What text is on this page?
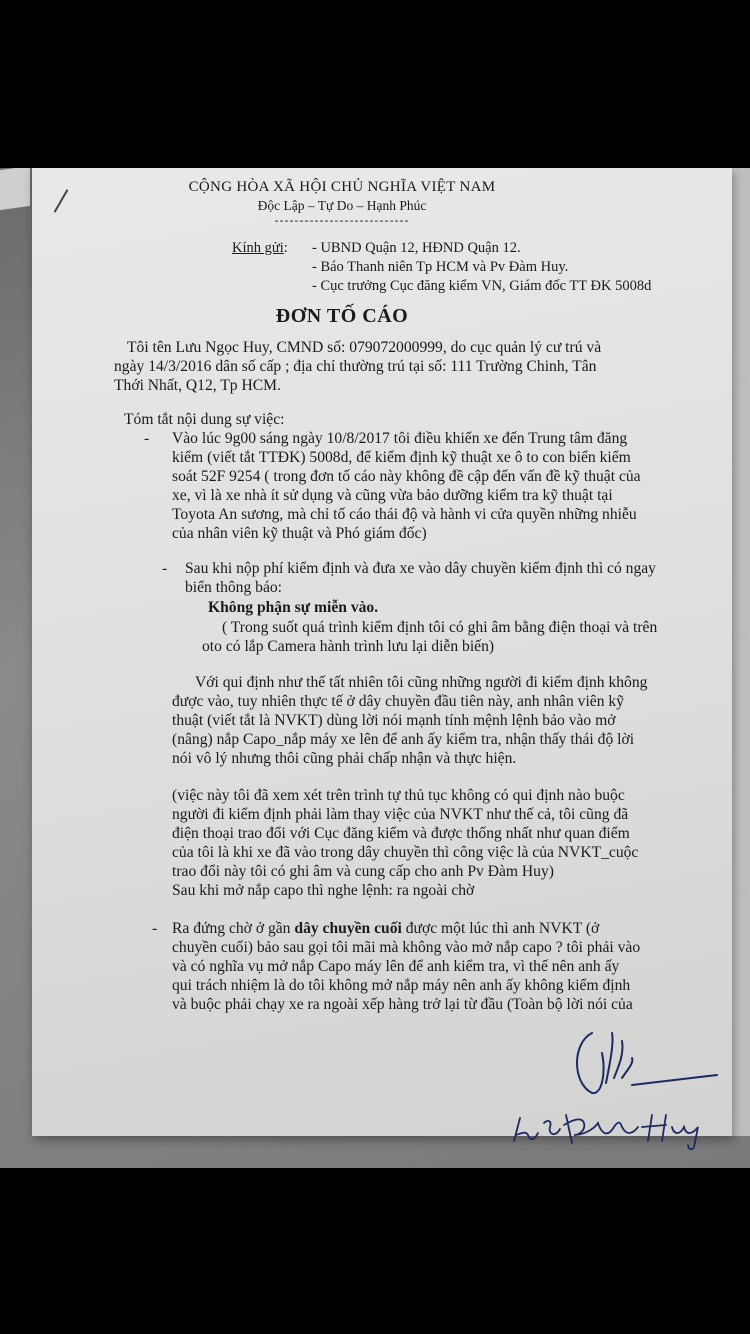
CỘNG HÒA XÃ HỘI CHỦ NGHĨA VIỆT NAM
Độc Lập – Tự Do – Hạnh Phúc
---------------------------
Kính gửi: - UBND Quận 12, HĐND Quận 12.
- Báo Thanh niên Tp HCM và Pv Đàm Huy.
- Cục trưởng Cục đăng kiểm VN, Giám đốc TT ĐK 5008d
ĐƠN TỐ CÁO
Tôi tên Lưu Ngọc Huy, CMND số: 079072000999, do cục quản lý cư trú và
ngày 14/3/2016 dân số cấp ; địa chỉ thường trú tại số: 111 Trường Chinh, Tân
Thới Nhất, Q12, Tp HCM.
Tóm tắt nội dung sự việc:
- Vào lúc 9g00 sáng ngày 10/8/2017 tôi điều khiển xe đến Trung tâm đăng
kiểm (viết tắt TTĐK) 5008d, để kiểm định kỹ thuật xe ô to con biển kiểm
soát 52F 9254 ( trong đơn tố cáo này không đề cập đến vấn đề kỹ thuật của
xe, vì là xe nhà ít sử dụng và cũng vừa bảo dưỡng kiểm tra kỹ thuật tại
Toyota An sương, mà chỉ tố cáo thái độ và hành vi cửa quyền những nhiễu
của nhân viên kỹ thuật và Phó giám đốc)
- Sau khi nộp phí kiểm định và đưa xe vào dây chuyền kiểm định thì có ngay
biển thông báo:
Không phận sự miễn vào.
( Trong suốt quá trình kiểm định tôi có ghi âm bằng điện thoại và trên
oto có lắp Camera hành trình lưu lại diễn biến)
Với qui định như thế tất nhiên tôi cũng những người đi kiểm định không
được vào, tuy nhiên thực tế ở dây chuyền đầu tiên này, anh nhân viên kỹ
thuật (viết tắt là NVKT) dùng lời nói mạnh tính mệnh lệnh bảo vào mở
(nâng) nắp Capo_nắp máy xe lên để anh ấy kiểm tra, nhận thấy thái độ lời
nói vô lý nhưng thôi cũng phải chấp nhận và thực hiện.
(việc này tôi đã xem xét trên trình tự thủ tục không có qui định nào buộc
người đi kiểm định phải làm thay việc của NVKT như thế cả, tôi cũng đã
điện thoại trao đổi với Cục đăng kiểm và được thống nhất như quan điểm
của tôi là khi xe đã vào trong dây chuyền thì công việc là của NVKT_cuộc
trao đổi này tôi có ghi âm và cung cấp cho anh Pv Đàm Huy)
Sau khi mở nắp capo thì nghe lệnh: ra ngoài chờ
- Ra đứng chờ ở gần dây chuyền cuối được một lúc thì anh NVKT (ở
chuyền cuối) bảo sau gọi tôi mãi mà không vào mở nắp capo ? tôi phải vào
và có nghĩa vụ mở nắp Capo máy lên để anh kiểm tra, vì thế nên anh ấy
qui trách nhiệm là do tôi không mở nắp máy nên anh ấy không kiểm định
và buộc phải chạy xe ra ngoài xếp hàng trở lại từ đầu (Toàn bộ lời nói của
